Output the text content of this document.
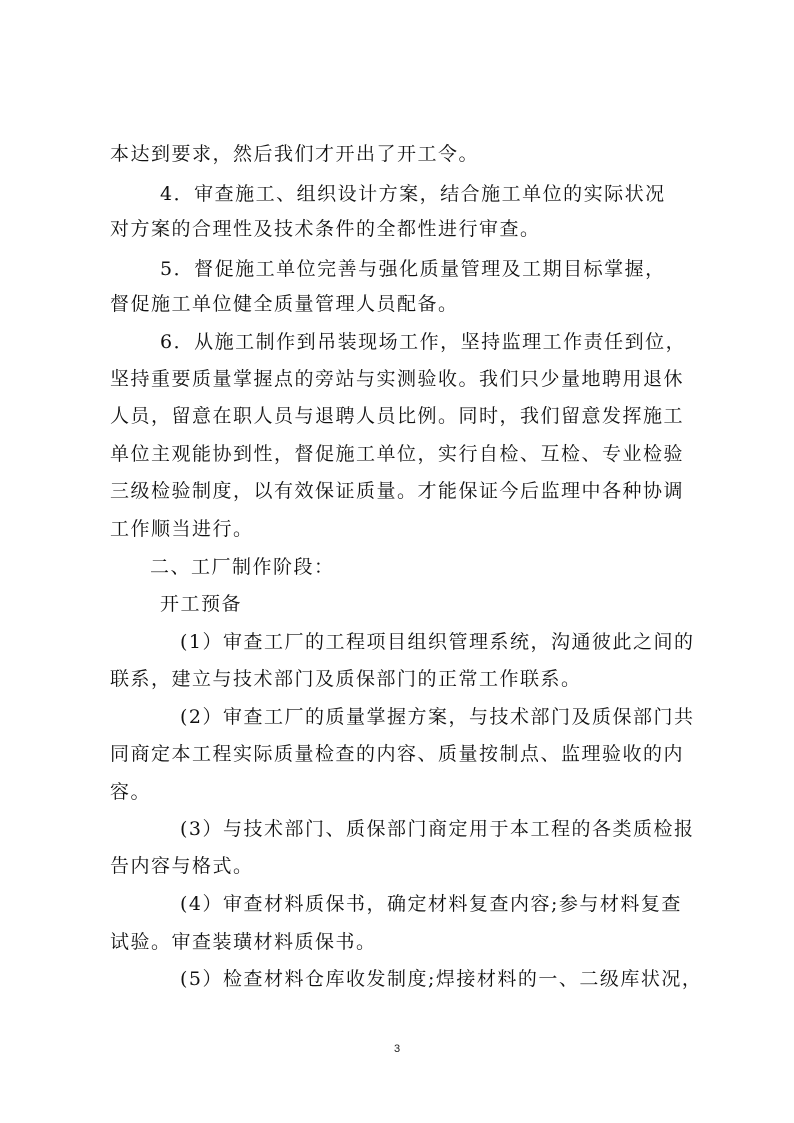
本达到要求，然后我们才开出了开工令。
4．审查施工、组织设计方案，结合施工单位的实际状况
对方案的合理性及技术条件的全都性进行审查。
5．督促施工单位完善与强化质量管理及工期目标掌握，
督促施工单位健全质量管理人员配备。
6．从施工制作到吊装现场工作，坚持监理工作责任到位，
坚持重要质量掌握点的旁站与实测验收。我们只少量地聘用退休
人员，留意在职人员与退聘人员比例。同时，我们留意发挥施工
单位主观能协到性，督促施工单位，实行自检、互检、专业检验
三级检验制度，以有效保证质量。才能保证今后监理中各种协调
工作顺当进行。
二、工厂制作阶段：
开工预备
(1）审查工厂的工程项目组织管理系统，沟通彼此之间的
联系，建立与技术部门及质保部门的正常工作联系。
(2）审查工厂的质量掌握方案，与技术部门及质保部门共
同商定本工程实际质量检查的内容、质量按制点、监理验收的内
容。
(3）与技术部门、质保部门商定用于本工程的各类质检报
告内容与格式。
(4）审查材料质保书，确定材料复查内容;参与材料复查
试验。审查装璜材料质保书。
(5）检查材料仓库收发制度;焊接材料的一、二级库状况，
3
